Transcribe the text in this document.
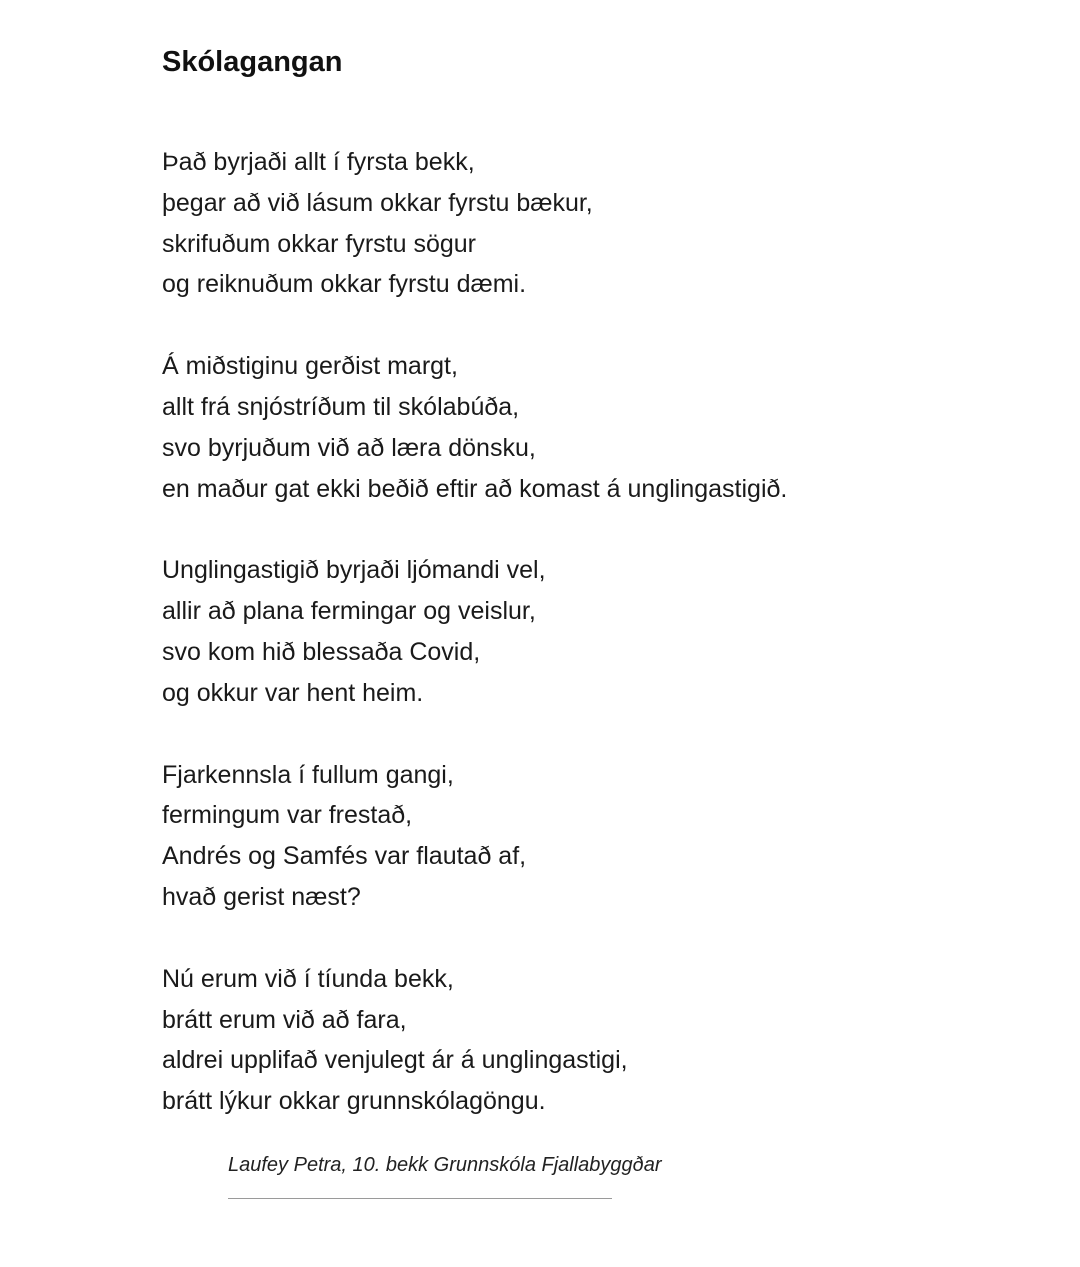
Skólagangan
Það byrjaði allt í fyrsta bekk,
þegar að við lásum okkar fyrstu bækur,
skrifuðum okkar fyrstu sögur
og reiknuðum okkar fyrstu dæmi.
Á miðstiginu gerðist margt,
allt frá snjóstríðum til skólabúða,
svo byrjuðum við að læra dönsku,
en maður gat ekki beðið eftir að komast á unglingastigið.
Unglingastigið byrjaði ljómandi vel,
allir að plana fermingar og veislur,
svo kom hið blessaða Covid,
og okkur var hent heim.
Fjarkennsla í fullum gangi,
fermingum var frestað,
Andrés og Samfés var flautað af,
hvað gerist næst?
Nú erum við í tíunda bekk,
brátt erum við að fara,
aldrei upplifað venjulegt ár á unglingastigi,
brátt lýkur okkar grunnskólagöngu.
Laufey Petra, 10. bekk Grunnskóla Fjallabyggðar
